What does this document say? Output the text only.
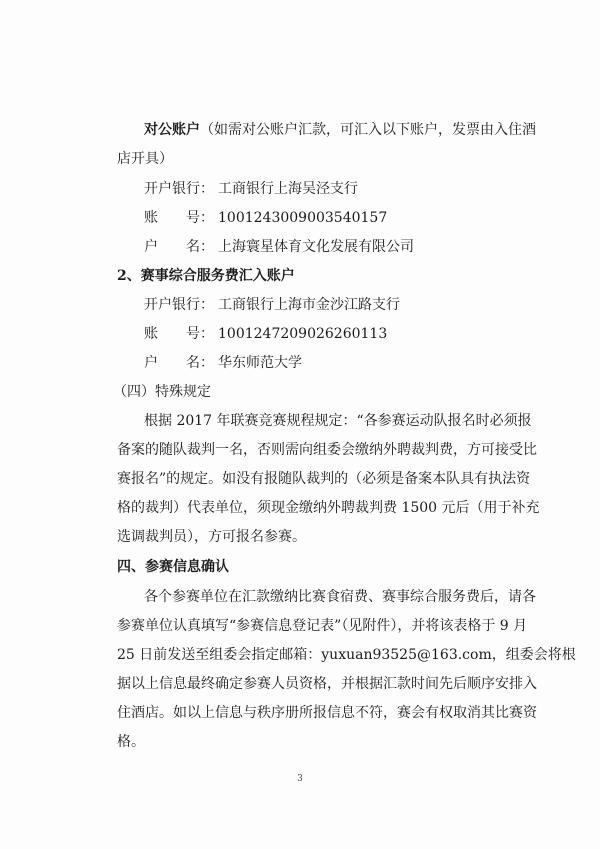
对公账户（如需对公账户汇款，可汇入以下账户，发票由入住酒
店开具）
开户银行： 工商银行上海吴泾支行
账　　号： 1001243009003540157
户　　名： 上海寰星体育文化发展有限公司
2、赛事综合服务费汇入账户
开户银行： 工商银行上海市金沙江路支行
账　　号： 1001247209026260113
户　　名： 华东师范大学
（四）特殊规定
根据 2017 年联赛竞赛规程规定：“各参赛运动队报名时必须报
备案的随队裁判一名，否则需向组委会缴纳外聘裁判费，方可接受比
赛报名”的规定。如没有报随队裁判的（必须是备案本队具有执法资
格的裁判）代表单位，须现金缴纳外聘裁判费 1500 元后（用于补充
选调裁判员），方可报名参赛。
四、参赛信息确认
各个参赛单位在汇款缴纳比赛食宿费、赛事综合服务费后，请各
参赛单位认真填写“参赛信息登记表”（见附件），并将该表格于 9 月
25 日前发送至组委会指定邮箱：yuxuan93525@163.com，组委会将根
据以上信息最终确定参赛人员资格，并根据汇款时间先后顺序安排入
住酒店。如以上信息与秩序册所报信息不符，赛会有权取消其比赛资
格。
3
